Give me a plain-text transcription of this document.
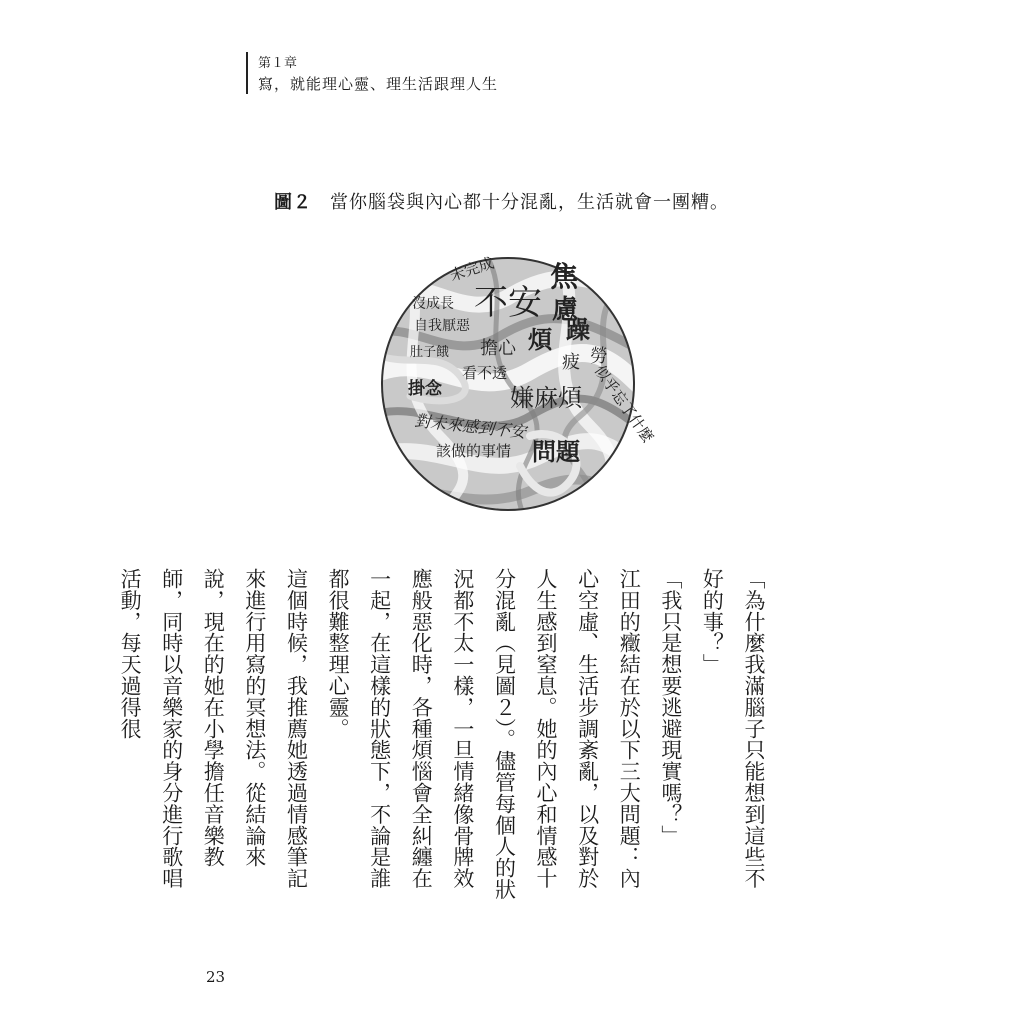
第１章
寫，就能理心靈、理生活跟理人生
圖２ 當你腦袋與內心都十分混亂，生活就會一團糟。
未完成 焦
沒成長 不安 慮
自我厭惡 煩 躁
肚子餓 擔心
疲 勞
看不透
掛念	嫌麻煩 似乎忘了什麼
對未來感到不安
問題
該做的事情

「為什麼我滿腦子只能想到這些不好的事？」

「我只是想要逃避現實嗎？」

江田的癥結在於以下三大問題：內心空虛、生活步調紊亂，以及對於人生感到窒息。她的內心和情感十分混亂（見圖２）。儘管每個人的狀況都不太一樣，一旦情緒像骨牌效應般惡化時，各種煩惱會全糾纏在一起，在這樣的狀態下，不論是誰都很難整理心靈。

這個時候，我推薦她透過情感筆記來進行用寫的冥想法。從結論來說，現在的她在小學擔任音樂教師，同時以音樂家的身分進行歌唱活動，每天過得很

23
